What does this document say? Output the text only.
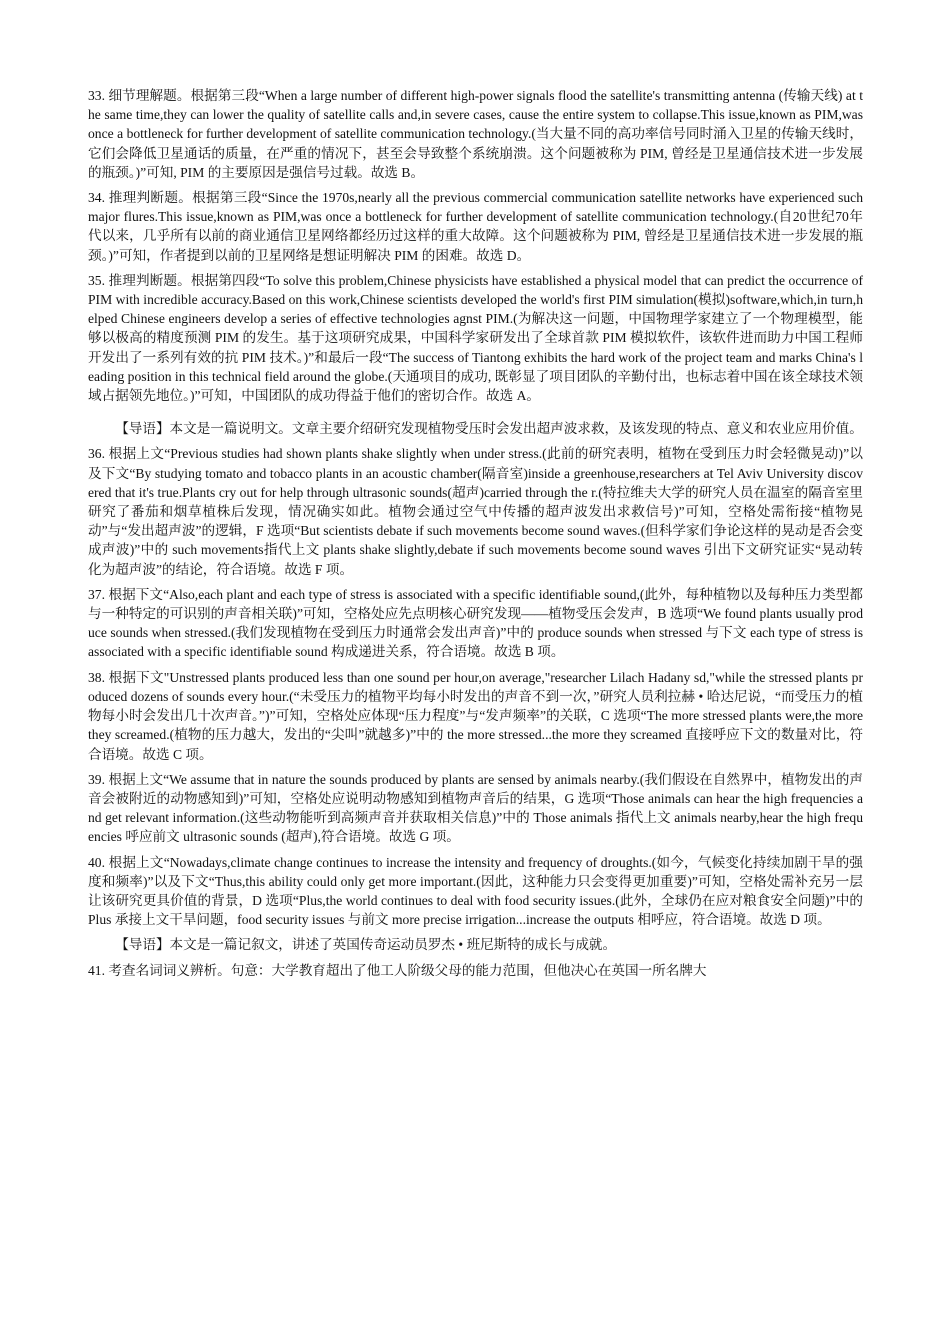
33. 细节理解题。根据第三段“When a large number of different high-power signals flood the satellite's transmitting antenna (传输天线) at the same time,they can lower the quality of satellite calls and,in severe cases, cause the entire system to collapse.This issue,known as PIM,was once a bottleneck for further development of satellite communication technology.(当大量不同的高功率信号同时涌入卫星的传输天线时，它们会降低卫星通话的质量，在严重的情况下，甚至会导致整个系统崩溃。这个问题被称为 PIM, 曾经是卫星通信技术进一步发展的瓶颈。)”可知, PIM 的主要原因是强信号过载。故选 B。

34. 推理判断题。根据第三段“Since the 1970s,nearly all the previous commercial communication satellite networks have experienced such major flures.This issue,known as PIM,was once a bottleneck for further development of satellite communication technology.(自20世纪70年代以来，几乎所有以前的商业通信卫星网络都经历过这样的重大故障。这个问题被称为 PIM, 曾经是卫星通信技术进一步发展的瓶颈。)”可知，作者提到以前的卫星网络是想证明解决 PIM 的困难。故选 D。

35. 推理判断题。根据第四段“To solve this problem,Chinese physicists have established a physical model that can predict the occurrence of PIM with incredible accuracy.Based on this work,Chinese scientists developed the world's first PIM simulation(模拟)software,which,in turn,helped Chinese engineers develop a series of effective technologies agnst PIM.(为解决这一问题，中国物理学家建立了一个物理模型，能够以极高的精度预测 PIM 的发生。基于这项研究成果，中国科学家研发出了全球首款 PIM 模拟软件，该软件进而助力中国工程师开发出了一系列有效的抗 PIM 技术。)”和最后一段“The success of Tiantong exhibits the hard work of the project team and marks China's leading position in this technical field around the globe.(天通项目的成功, 既彰显了项目团队的辛勤付出，也标志着中国在该全球技术领域占据领先地位。)”可知，中国团队的成功得益于他们的密切合作。故选 A。

【导语】本文是一篇说明文。文章主要介绍研究发现植物受压时会发出超声波求救，及该发现的特点、意义和农业应用价值。

36. 根据上文“Previous studies had shown plants shake slightly when under stress.(此前的研究表明，植物在受到压力时会轻微晃动)”以及下文“By studying tomato and tobacco plants in an acoustic chamber(隔音室)inside a greenhouse,researchers at Tel Aviv University discovered that it's true.Plants cry out for help through ultrasonic sounds(超声)carried through the r.(特拉维夫大学的研究人员在温室的隔音室里研究了番茄和烟草植株后发现，情况确实如此。植物会通过空气中传播的超声波发出求救信号)”可知，空格处需衔接“植物晃动”与“发出超声波”的逻辑，F 选项“But scientists debate if such movements become sound waves.(但科学家们争论这样的晃动是否会变成声波)”中的 such movements指代上文 plants shake slightly,debate if such movements become sound waves 引出下文研究证实“晃动转化为超声波”的结论，符合语境。故选 F 项。

37. 根据下文“Also,each plant and each type of stress is associated with a specific identifiable sound,(此外，每种植物以及每种压力类型都与一种特定的可识别的声音相关联)”可知，空格处应先点明核心研究发现——植物受压会发声，B 选项“We found plants usually produce sounds when stressed.(我们发现植物在受到压力时通常会发出声音)”中的 produce sounds when stressed 与下文 each type of stress is associated with a specific identifiable sound 构成递进关系，符合语境。故选 B 项。

38. 根据下文"Unstressed plants produced less than one sound per hour,on average,"researcher Lilach Hadany sd,"while the stressed plants produced dozens of sounds every hour.(“未受压力的植物平均每小时发出的声音不到一次，”研究人员利拉赫 • 哈达尼说，“而受压力的植物每小时会发出几十次声音。”)”可知，空格处应体现“压力程度”与“发声频率”的关联，C 选项“The more stressed plants were,the more they screamed.(植物的压力越大，发出的“尖叫”就越多)”中的 the more stressed...the more they screamed 直接呼应下文的数量对比，符合语境。故选 C 项。

39. 根据上文“We assume that in nature the sounds produced by plants are sensed by animals nearby.(我们假设在自然界中，植物发出的声音会被附近的动物感知到)”可知，空格处应说明动物感知到植物声音后的结果，G 选项“Those animals can hear the high frequencies and get relevant information.(这些动物能听到高频声音并获取相关信息)”中的 Those animals 指代上文 animals nearby,hear the high frequencies 呼应前文 ultrasonic sounds (超声),符合语境。故选 G 项。

40. 根据上文“Nowadays,climate change continues to increase the intensity and frequency of droughts.(如今，气候变化持续加剧干旱的强度和频率)”以及下文“Thus,this ability could only get more important.(因此，这种能力只会变得更加重要)”可知，空格处需补充另一层让该研究更具价值的背景，D 选项“Plus,the world continues to deal with food security issues.(此外，全球仍在应对粮食安全问题)”中的 Plus 承接上文干旱问题，food security issues 与前文 more precise irrigation...increase the outputs 相呼应，符合语境。故选 D 项。

【导语】本文是一篇记叙文，讲述了英国传奇运动员罗杰 • 班尼斯特的成长与成就。

41. 考查名词词义辨析。句意：大学教育超出了他工人阶级父母的能力范围，但他决心在英国一所名牌大
